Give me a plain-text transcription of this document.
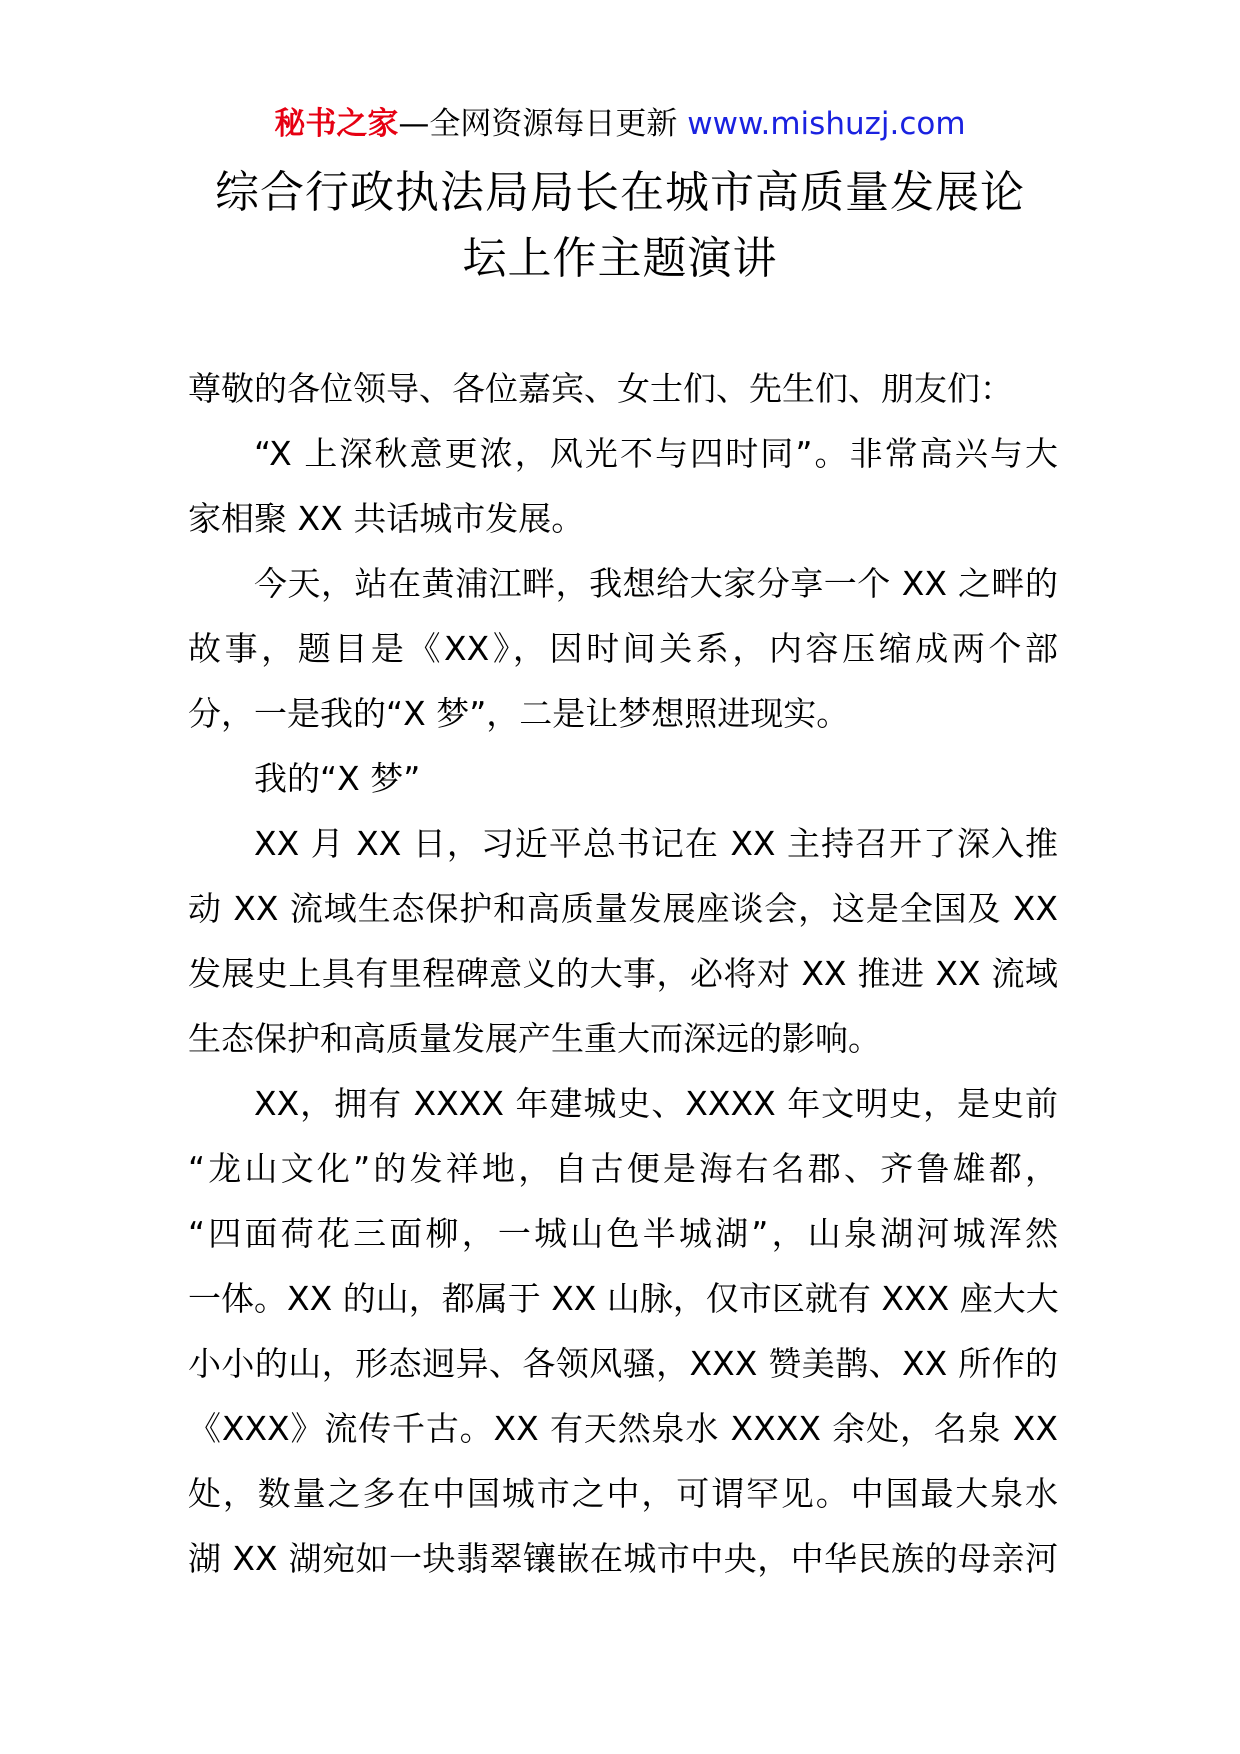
秘书之家—全网资源每日更新 www.mishuzj.com
综合行政执法局局长在城市高质量发展论
坛上作主题演讲
尊敬的各位领导、各位嘉宾、女士们、先生们、朋友们：
“X 上深秋意更浓，风光不与四时同”。非常高兴与大
家相聚 XX 共话城市发展。
今天，站在黄浦江畔，我想给大家分享一个 XX 之畔的
故事，题目是《XX》，因时间关系，内容压缩成两个部
分，一是我的“X 梦”，二是让梦想照进现实。
我的“X 梦”
XX 月 XX 日，习近平总书记在 XX 主持召开了深入推
动 XX 流域生态保护和高质量发展座谈会，这是全国及 XX
发展史上具有里程碑意义的大事，必将对 XX 推进 XX 流域
生态保护和高质量发展产生重大而深远的影响。
XX，拥有 XXXX 年建城史、XXXX 年文明史，是史前
“龙山文化”的发祥地，自古便是海右名郡、齐鲁雄都，
“四面荷花三面柳，一城山色半城湖”，山泉湖河城浑然
一体。XX 的山，都属于 XX 山脉，仅市区就有 XXX 座大大
小小的山，形态迥异、各领风骚，XXX 赞美鹊、XX 所作的
《XXX》流传千古。XX 有天然泉水 XXXX 余处，名泉 XX
处，数量之多在中国城市之中，可谓罕见。中国最大泉水
湖 XX 湖宛如一块翡翠镶嵌在城市中央，中华民族的母亲河
